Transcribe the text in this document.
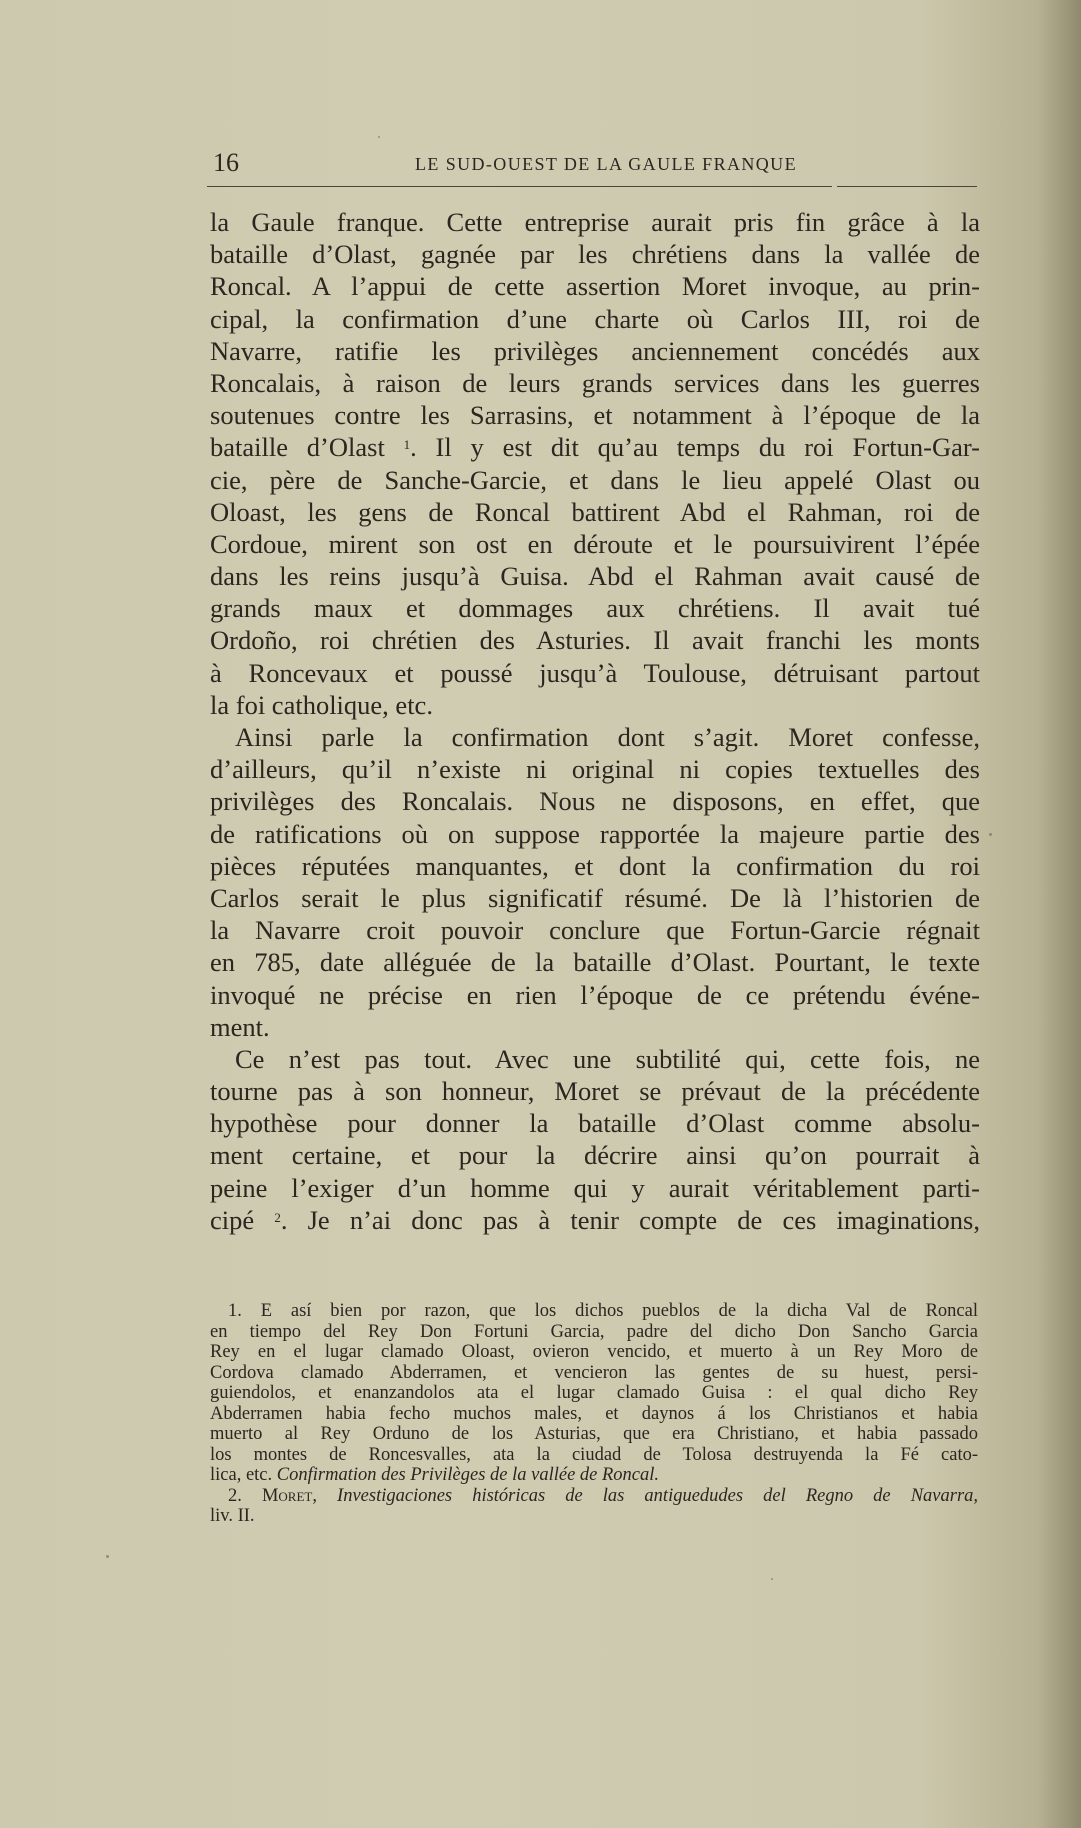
16	LE SUD-OUEST DE LA GAULE FRANQUE
la Gaule franque. Cette entreprise aurait pris fin grâce à la
bataille d’Olast, gagnée par les chrétiens dans la vallée de
Roncal. A l’appui de cette assertion Moret invoque, au prin-
cipal, la confirmation d’une charte où Carlos III, roi de
Navarre, ratifie les privilèges anciennement concédés aux
Roncalais, à raison de leurs grands services dans les guerres
soutenues contre les Sarrasins, et notamment à l’époque de la
bataille d’Olast $^1$. Il y est dit qu’au temps du roi Fortun-Gar-
cie, père de Sanche-Garcie, et dans le lieu appelé Olast ou
Oloast, les gens de Roncal battirent Abd el Rahman, roi de
Cordoue, mirent son ost en déroute et le poursuivirent l’épée
dans les reins jusqu’à Guisa. Abd el Rahman avait causé de
grands maux et dommages aux chrétiens. Il avait tué
Ordoño, roi chrétien des Asturies. Il avait franchi les monts
à Roncevaux et poussé jusqu’à Toulouse, détruisant partout
la foi catholique, etc.
Ainsi parle la confirmation dont s’agit. Moret confesse,
d’ailleurs, qu’il n’existe ni original ni copies textuelles des
privilèges des Roncalais. Nous ne disposons, en effet, que
de ratifications où on suppose rapportée la majeure partie des
pièces réputées manquantes, et dont la confirmation du roi
Carlos serait le plus significatif résumé. De là l’historien de
la Navarre croit pouvoir conclure que Fortun-Garcie régnait
en 785, date alléguée de la bataille d’Olast. Pourtant, le texte
invoqué ne précise en rien l’époque de ce prétendu événe-
ment.
Ce n’est pas tout. Avec une subtilité qui, cette fois, ne
tourne pas à son honneur, Moret se prévaut de la précédente
hypothèse pour donner la bataille d’Olast comme absolu-
ment certaine, et pour la décrire ainsi qu’on pourrait à
peine l’exiger d’un homme qui y aurait véritablement parti-
cipé $^2$. Je n’ai donc pas à tenir compte de ces imaginations,
1. E así bien por razon, que los dichos pueblos de la dicha Val de Roncal
en tiempo del Rey Don Fortuni Garcia, padre del dicho Don Sancho Garcia
Rey en el lugar clamado Oloast, ovieron vencido, et muerto à un Rey Moro de
Cordova clamado Abderramen, et vencieron las gentes de su huest, persi-
guiendolos, et enanzandolos ata el lugar clamado Guisa : el qual dicho Rey
Abderramen habia fecho muchos males, et daynos á los Christianos et habia
muerto al Rey Orduno de los Asturias, que era Christiano, et habia passado
los montes de Roncesvalles, ata la ciudad de Tolosa destruyenda la Fé cato-
lica, etc. Confirmation des Privilèges de la vallée de Roncal.
2. Moret, Investigaciones históricas de las antiguedudes del Regno de Navarra,
liv. II.
